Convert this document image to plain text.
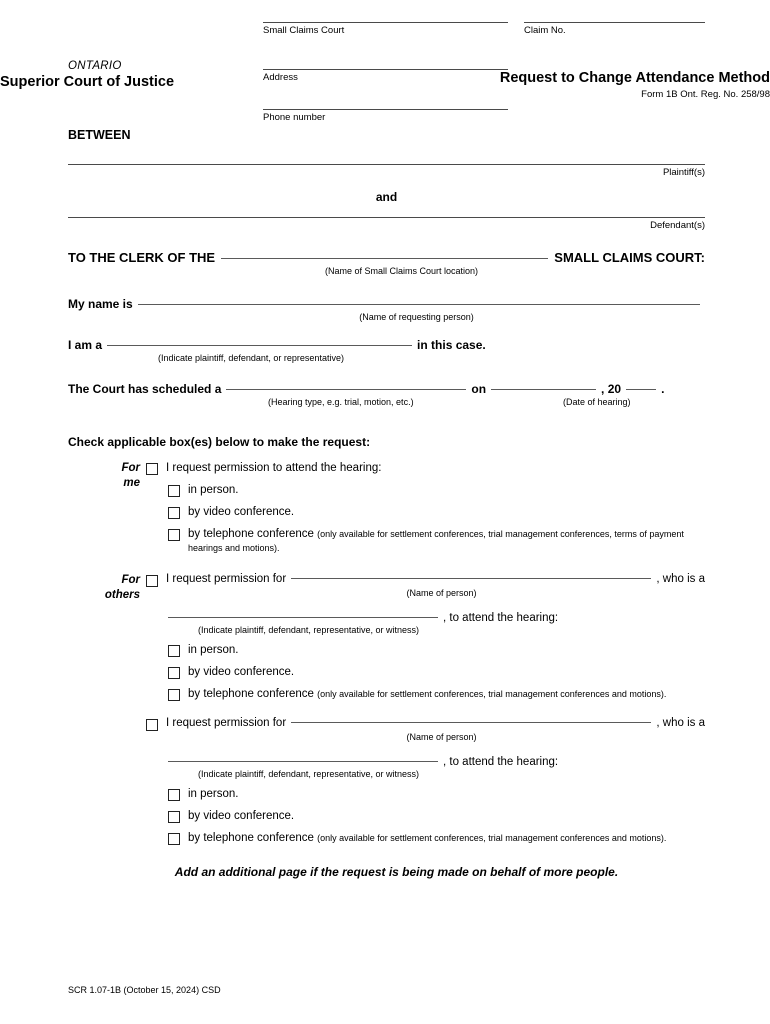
ONTARIO
Superior Court of Justice	Request to Change Attendance Method
Form 1B Ont. Reg. No. 258/98
Small Claims Court	Claim No.
Address
Phone number
BETWEEN
Plaintiff(s)
and
Defendant(s)
TO THE CLERK OF THE	SMALL CLAIMS COURT:
(Name of Small Claims Court location)
My name is
(Name of requesting person)
I am a	in this case.
(Indicate plaintiff, defendant, or representative)
The Court has scheduled a	on	, 20	.
(Hearing type, e.g. trial, motion, etc.)	(Date of hearing)
Check applicable box(es) below to make the request:
For
me
I request permission to attend the hearing:
in person.
by video conference.
by telephone conference (only available for settlement conferences, trial management conferences, terms of payment hearings and motions).
For
others
I request permission for	, who is a
(Name of person)
, to attend the hearing:
(Indicate plaintiff, defendant, representative, or witness)
in person.
by video conference.
by telephone conference (only available for settlement conferences, trial management conferences and motions).
I request permission for	, who is a
(Name of person)
, to attend the hearing:
(Indicate plaintiff, defendant, representative, or witness)
in person.
by video conference.
by telephone conference (only available for settlement conferences, trial management conferences and motions).
Add an additional page if the request is being made on behalf of more people.
SCR 1.07-1B (October 15, 2024) CSD
